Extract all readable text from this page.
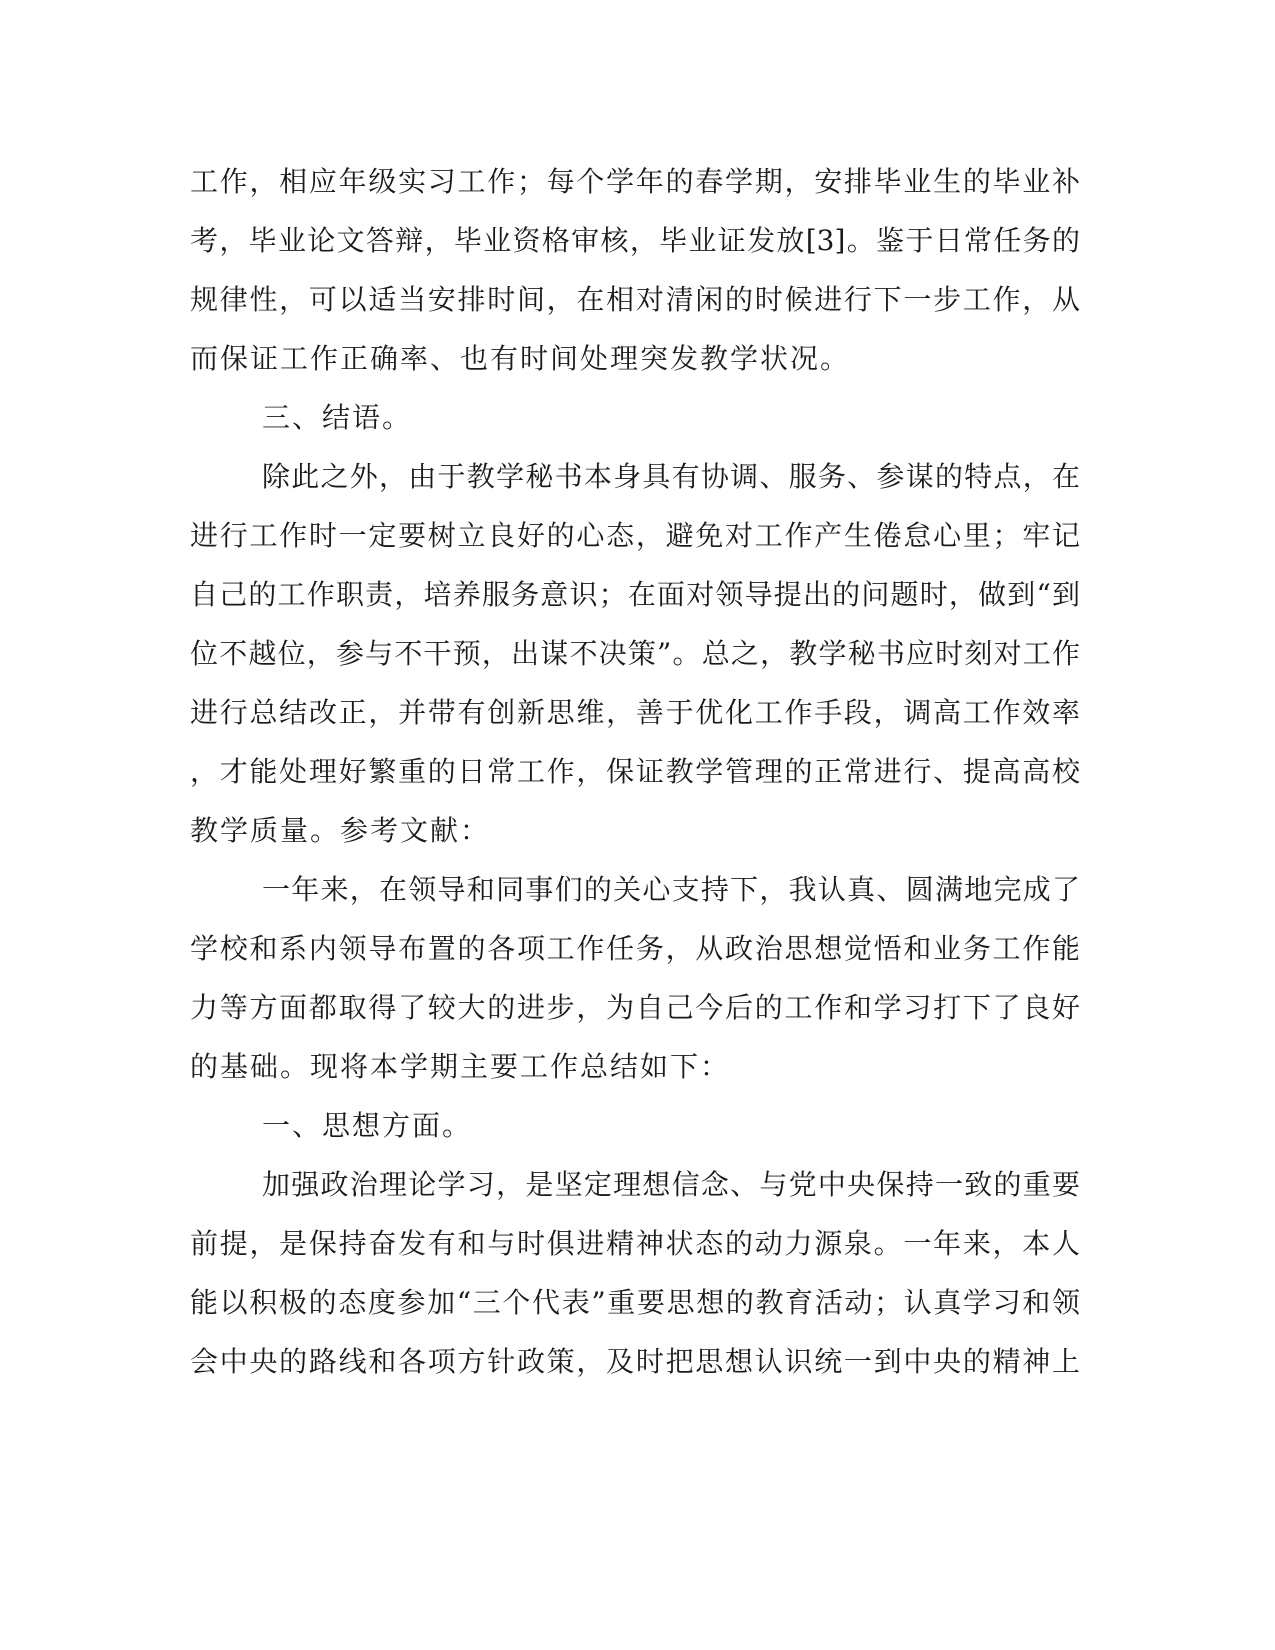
工作，相应年级实习工作；每个学年的春学期，安排毕业生的毕业补
考，毕业论文答辩，毕业资格审核，毕业证发放[3]。鉴于日常任务的
规律性，可以适当安排时间，在相对清闲的时候进行下一步工作，从
而保证工作正确率、也有时间处理突发教学状况。
三、结语。
除此之外，由于教学秘书本身具有协调、服务、参谋的特点，在
进行工作时一定要树立良好的心态，避免对工作产生倦怠心里；牢记
自己的工作职责，培养服务意识；在面对领导提出的问题时，做到“到
位不越位，参与不干预，出谋不决策”。总之，教学秘书应时刻对工作
进行总结改正，并带有创新思维，善于优化工作手段，调高工作效率
，才能处理好繁重的日常工作，保证教学管理的正常进行、提高高校
教学质量。参考文献：
一年来，在领导和同事们的关心支持下，我认真、圆满地完成了
学校和系内领导布置的各项工作任务，从政治思想觉悟和业务工作能
力等方面都取得了较大的进步，为自己今后的工作和学习打下了良好
的基础。现将本学期主要工作总结如下：
一、思想方面。
加强政治理论学习，是坚定理想信念、与党中央保持一致的重要
前提，是保持奋发有和与时俱进精神状态的动力源泉。一年来，本人
能以积极的态度参加“三个代表”重要思想的教育活动；认真学习和领
会中央的路线和各项方针政策，及时把思想认识统一到中央的精神上
